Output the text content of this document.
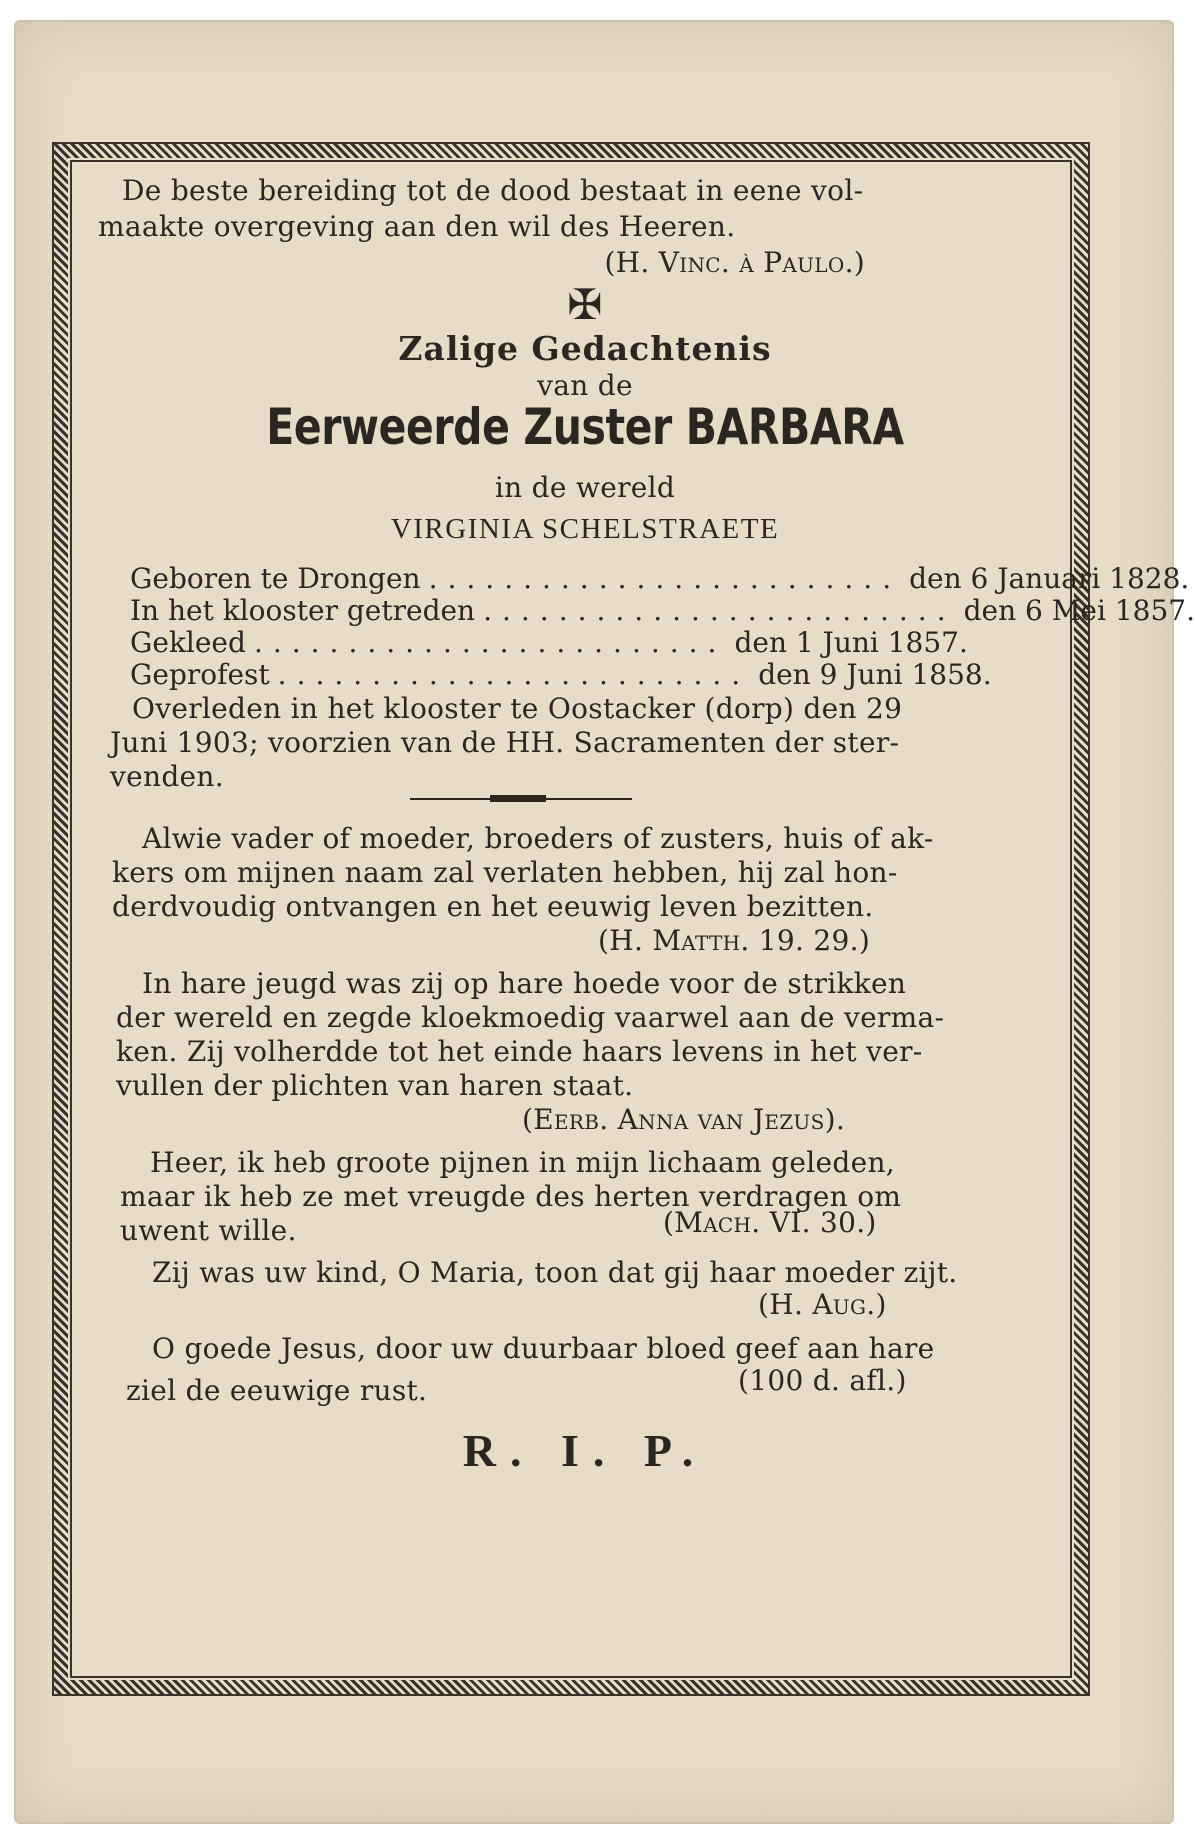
De beste bereiding tot de dood bestaat in eene vol-
maakte overgeving aan den wil des Heeren.
(H. Vinc. à Paulo.)
✠
Zalige Gedachtenis
van de
Eerweerde Zuster BARBARA
in de wereld
VIRGINIA SCHELSTRAETE
Geboren te Drongen ......................... den 6 Januari 1828.
In het klooster getreden ......................... den 6 Mei 1857.
Gekleed ......................... den 1 Juni 1857.
Geprofest ......................... den 9 Juni 1858.
Overleden in het klooster te Oostacker (dorp) den 29
Juni 1903; voorzien van de HH. Sacramenten der ster-
venden.
Alwie vader of moeder, broeders of zusters, huis of ak-
kers om mijnen naam zal verlaten hebben, hij zal hon-
derdvoudig ontvangen en het eeuwig leven bezitten.
(H. Matth. 19. 29.)
In hare jeugd was zij op hare hoede voor de strikken
der wereld en zegde kloekmoedig vaarwel aan de verma-
ken. Zij volherdde tot het einde haars levens in het ver-
vullen der plichten van haren staat.
(Eerb. Anna van Jezus).
Heer, ik heb groote pijnen in mijn lichaam geleden,
maar ik heb ze met vreugde des herten verdragen om
uwent wille.	(Mach. VI. 30.)
Zij was uw kind, O Maria, toon dat gij haar moeder zijt.
(H. Aug.)
O goede Jesus, door uw duurbaar bloed geef aan hare
(100 d. afl.)
ziel de eeuwige rust.
R. I. P.
